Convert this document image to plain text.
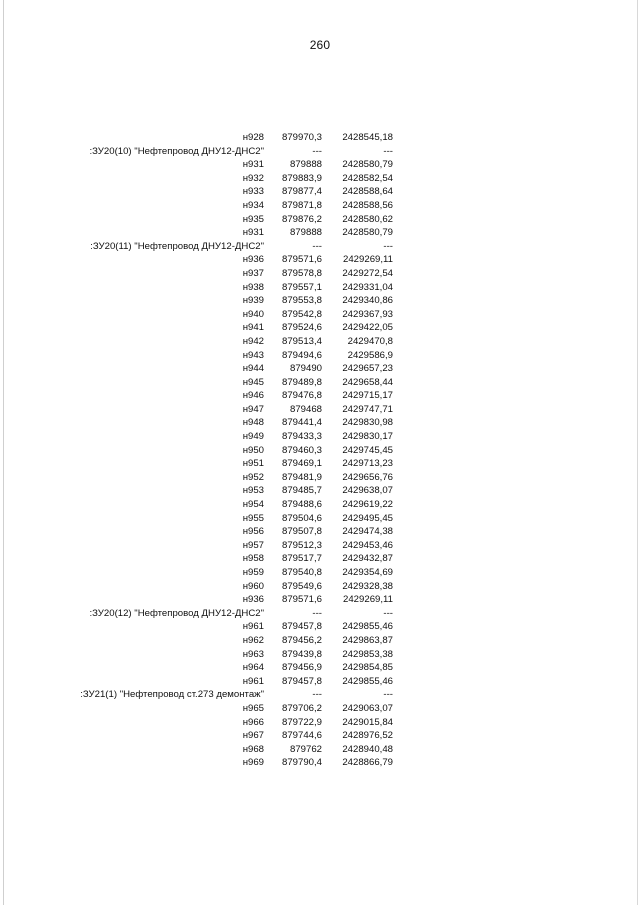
260
н928	879970,3	2428545,18
:ЗУ20(10) "Нефтепровод ДНУ12-ДНС2"	---	---
н931	879888	2428580,79
н932	879883,9	2428582,54
н933	879877,4	2428588,64
н934	879871,8	2428588,56
н935	879876,2	2428580,62
н931	879888	2428580,79
:ЗУ20(11) "Нефтепровод ДНУ12-ДНС2"	---	---
н936	879571,6	2429269,11
н937	879578,8	2429272,54
н938	879557,1	2429331,04
н939	879553,8	2429340,86
н940	879542,8	2429367,93
н941	879524,6	2429422,05
н942	879513,4	2429470,8
н943	879494,6	2429586,9
н944	879490	2429657,23
н945	879489,8	2429658,44
н946	879476,8	2429715,17
н947	879468	2429747,71
н948	879441,4	2429830,98
н949	879433,3	2429830,17
н950	879460,3	2429745,45
н951	879469,1	2429713,23
н952	879481,9	2429656,76
н953	879485,7	2429638,07
н954	879488,6	2429619,22
н955	879504,6	2429495,45
н956	879507,8	2429474,38
н957	879512,3	2429453,46
н958	879517,7	2429432,87
н959	879540,8	2429354,69
н960	879549,6	2429328,38
н936	879571,6	2429269,11
:ЗУ20(12) "Нефтепровод ДНУ12-ДНС2"	---	---
н961	879457,8	2429855,46
н962	879456,2	2429863,87
н963	879439,8	2429853,38
н964	879456,9	2429854,85
н961	879457,8	2429855,46
:ЗУ21(1) "Нефтепровод ст.273 демонтаж"	---	---
н965	879706,2	2429063,07
н966	879722,9	2429015,84
н967	879744,6	2428976,52
н968	879762	2428940,48
н969	879790,4	2428866,79
